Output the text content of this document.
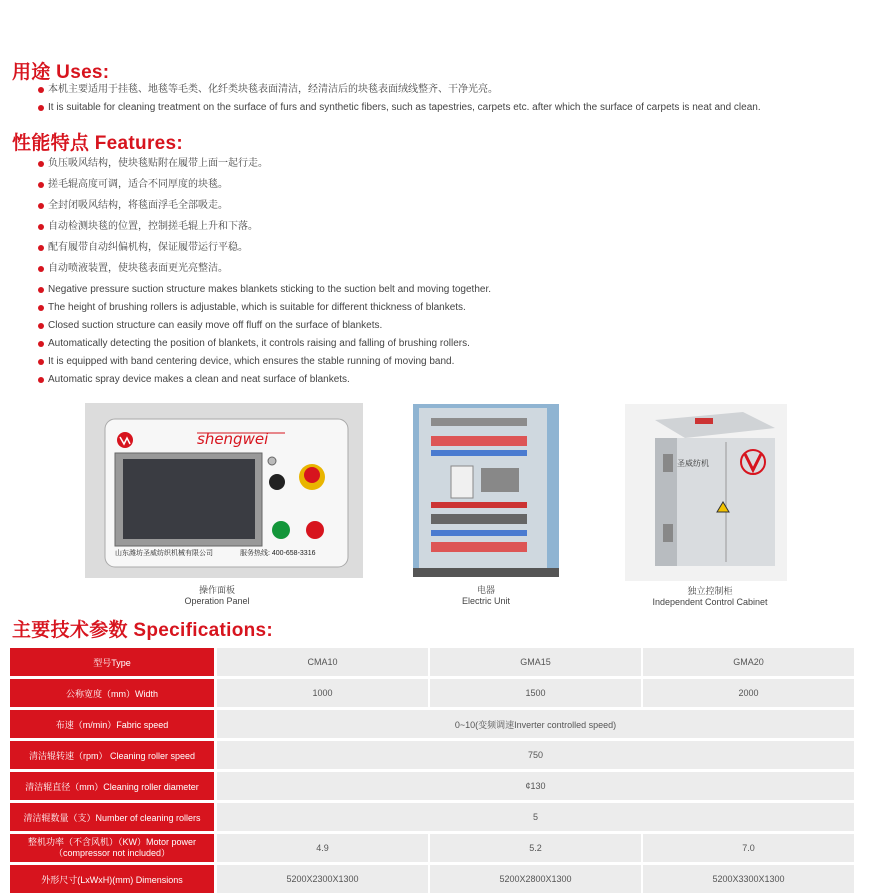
用途 Uses:
本机主要适用于挂毯、地毯等毛类、化纤类块毯表面清洁，经清洁后的块毯表面绒线整齐、干净光亮。
It is suitable for cleaning treatment on the surface of furs and synthetic fibers, such as tapestries, carpets etc. after which the surface of carpets is neat and clean.
性能特点 Features:
负压吸风结构，使块毯贴附在履带上面一起行走。
搓毛辊高度可调，适合不同厚度的块毯。
全封闭吸风结构，将毯面浮毛全部吸走。
自动检测块毯的位置，控制搓毛辊上升和下落。
配有履带自动纠偏机构，保证履带运行平稳。
自动喷液装置，使块毯表面更光亮整洁。
Negative pressure suction structure makes blankets sticking to the suction belt and moving together.
The height of brushing rollers is adjustable, which is suitable for different thickness of blankets.
Closed suction structure can easily move off fluff on the surface of blankets.
Automatically detecting the position of blankets, it controls raising and falling of brushing rollers.
It is equipped with band centering device, which ensures the stable running of moving band.
Automatic spray device makes a clean and neat surface of blankets.
shengwei
山东潍坊圣威纺织机械有限公司	服务热线: 400-658-3316
操作面板
Operation Panel
电器
Electric Unit
圣威纺机
独立控制柜
Independent Control Cabinet
主要技术参数 Specifications:
型号Type	CMA10	GMA15	GMA20
公称宽度（mm）Width	1000	1500	2000
布速（m/min）Fabric speed	0~10(变频调速Inverter controlled speed)		
清洁辊转速（rpm） Cleaning roller speed	750		
清洁辊直径（mm）Cleaning roller diameter	¢130		
清洁辊数量（支）Number of cleaning rollers	5		

整机功率（不含风机）（KW）Motor power
（compressor not included）	4.9	5.2	7.0
外形尺寸(LxWxH)(mm) Dimensions	5200X2300X1300	5200X2800X1300	5200X3300X1300
